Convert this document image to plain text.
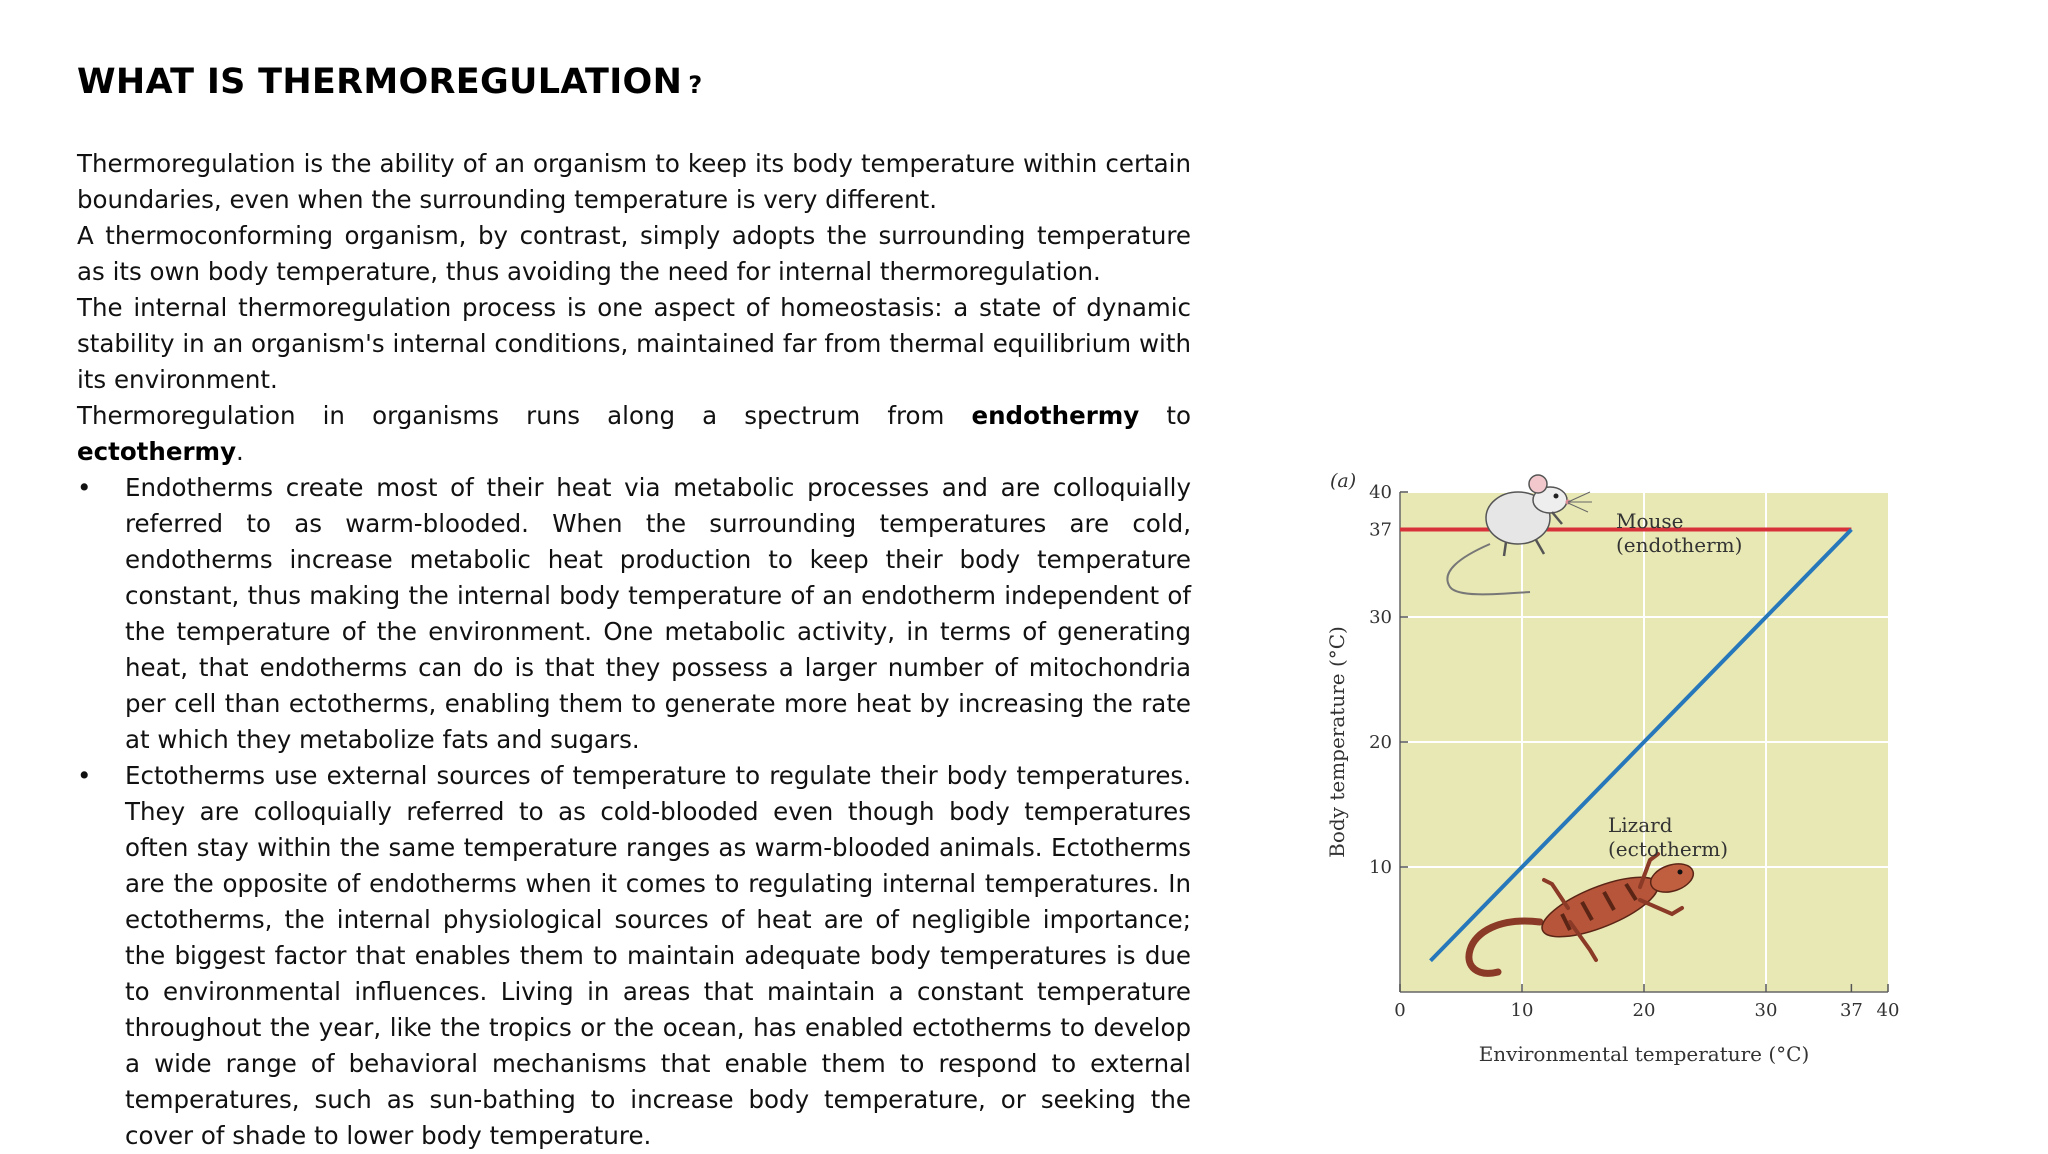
WHAT IS THERMOREGULATION ?

Thermoregulation is the ability of an organism to keep its body temperature within certain boundaries, even when the surrounding temperature is very different.

A thermoconforming organism, by contrast, simply adopts the surrounding temperature as its own body temperature, thus avoiding the need for internal thermoregulation.

The internal thermoregulation process is one aspect of homeostasis: a state of dynamic stability in an organism's internal conditions, maintained far from thermal equilibrium with its environment.

Thermoregulation in organisms runs along a spectrum from endothermy to ectothermy.

• Endotherms create most of their heat via metabolic processes and are colloquially referred to as warm-blooded. When the surrounding temperatures are cold, endotherms increase metabolic heat production to keep their body temperature constant, thus making the internal body temperature of an endotherm independent of the temperature of the environment. One metabolic activity, in terms of generating heat, that endotherms can do is that they possess a larger number of mitochondria per cell than ectotherms, enabling them to generate more heat by increasing the rate at which they metabolize fats and sugars.
• Ectotherms use external sources of temperature to regulate their body temperatures. They are colloquially referred to as cold-blooded even though body temperatures often stay within the same temperature ranges as warm-blooded animals. Ectotherms are the opposite of endotherms when it comes to regulating internal temperatures. In ectotherms, the internal physiological sources of heat are of negligible importance; the biggest factor that enables them to maintain adequate body temperatures is due to environmental influences. Living in areas that maintain a constant temperature throughout the year, like the tropics or the ocean, has enabled ectotherms to develop a wide range of behavioral mechanisms that enable them to respond to external temperatures, such as sun-bathing to increase body temperature, or seeking the cover of shade to lower body temperature.
10
20
30
37
40
0	10	20	30	37 40
(a)
Mouse
(endotherm)
Lizard
(ectotherm)
Environmental temperature (°C)
Body temperature (°C)
